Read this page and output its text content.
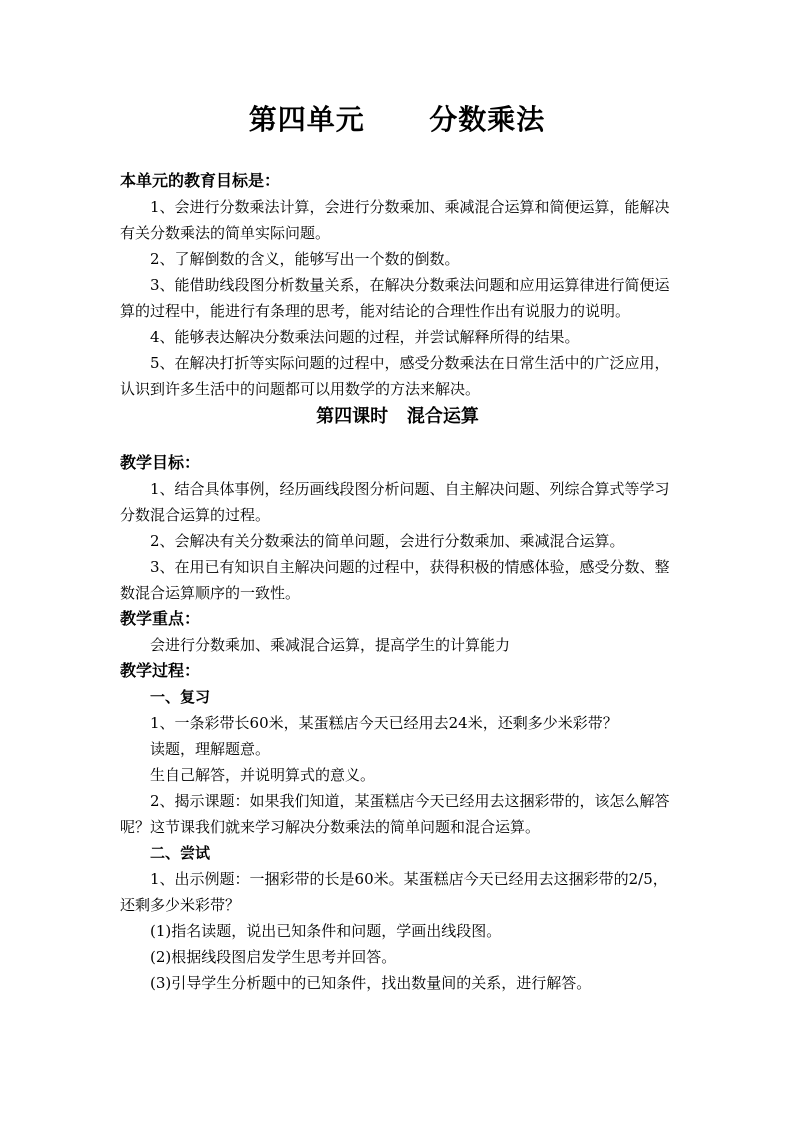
第四单元      分数乘法

本单元的教育目标是：

1、会进行分数乘法计算，会进行分数乘加、乘减混合运算和简便运算，能解决有关分数乘法的简单实际问题。

2、了解倒数的含义，能够写出一个数的倒数。

3、能借助线段图分析数量关系，在解决分数乘法问题和应用运算律进行简便运算的过程中，能进行有条理的思考，能对结论的合理性作出有说服力的说明。

4、能够表达解决分数乘法问题的过程，并尝试解释所得的结果。

5、在解决打折等实际问题的过程中，感受分数乘法在日常生活中的广泛应用，认识到许多生活中的问题都可以用数学的方法来解决。

第四课时   混合运算

教学目标：

1、结合具体事例，经历画线段图分析问题、自主解决问题、列综合算式等学习分数混合运算的过程。

2、会解决有关分数乘法的简单问题，会进行分数乘加、乘减混合运算。

3、在用已有知识自主解决问题的过程中，获得积极的情感体验，感受分数、整数混合运算顺序的一致性。

教学重点：

会进行分数乘加、乘减混合运算，提高学生的计算能力

教学过程：

一、复习

1、一条彩带长60米，某蛋糕店今天已经用去24米，还剩多少米彩带？

读题，理解题意。

生自己解答，并说明算式的意义。

2、揭示课题：如果我们知道，某蛋糕店今天已经用去这捆彩带的，该怎么解答呢？这节课我们就来学习解决分数乘法的简单问题和混合运算。

二、尝试

1、出示例题：一捆彩带的长是60米。某蛋糕店今天已经用去这捆彩带的2/5，还剩多少米彩带？

(1)指名读题，说出已知条件和问题，学画出线段图。

(2)根据线段图启发学生思考并回答。

(3)引导学生分析题中的已知条件，找出数量间的关系，进行解答。
